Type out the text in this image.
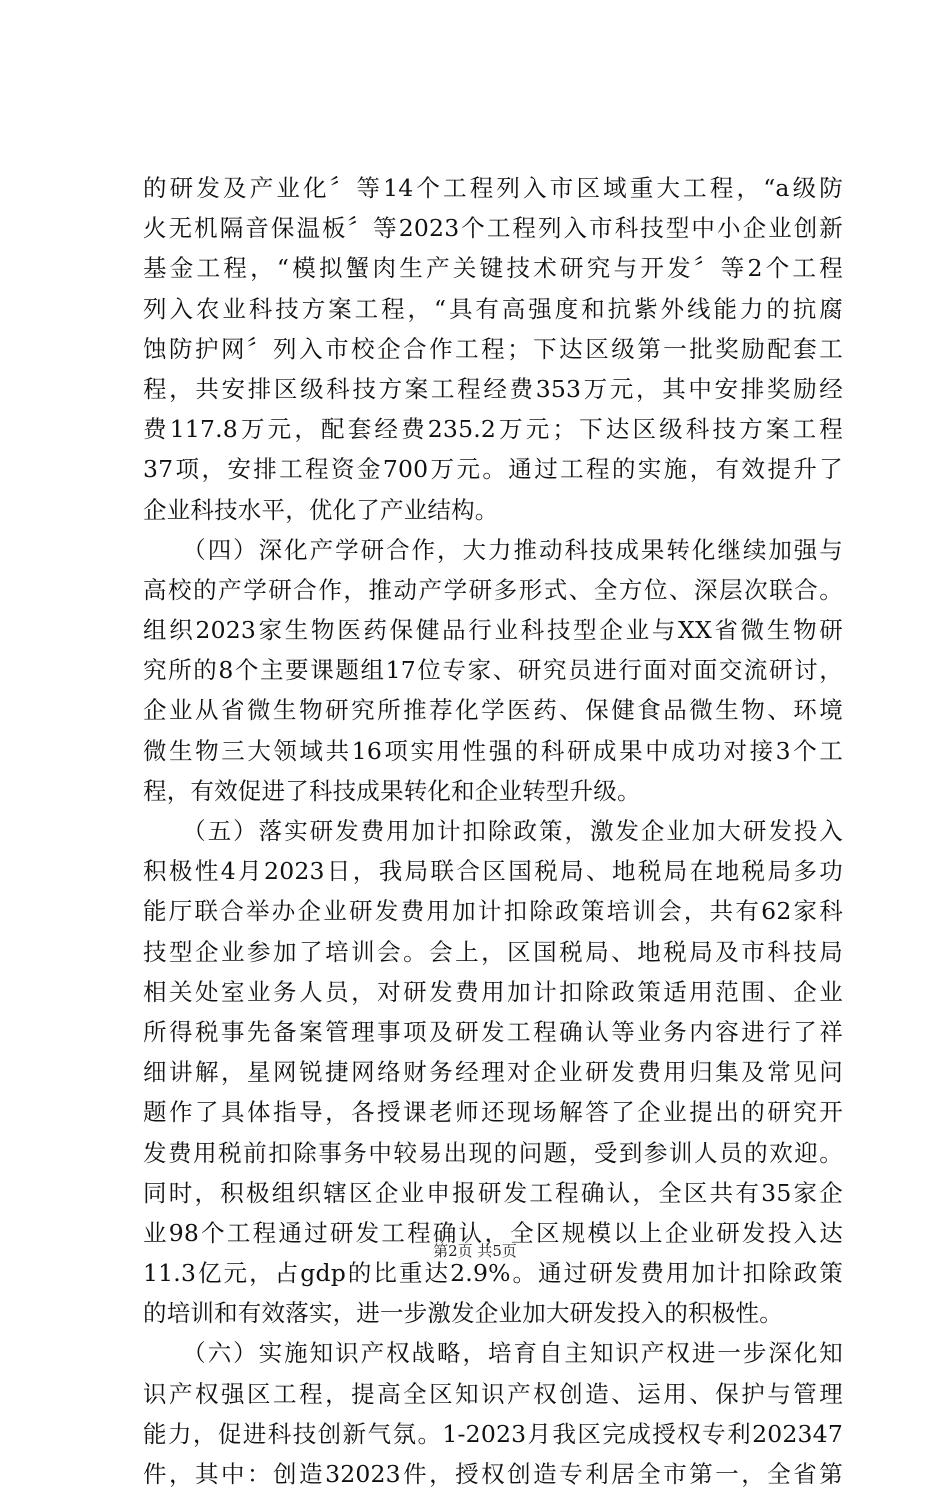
的研发及产业化〞等14个工程列入市区域重大工程，“a级防
火无机隔音保温板〞等2023个工程列入市科技型中小企业创新
基金工程，“模拟蟹肉生产关键技术研究与开发〞等2个工程
列入农业科技方案工程，“具有高强度和抗紫外线能力的抗腐
蚀防护网〞列入市校企合作工程；下达区级第一批奖励配套工
程，共安排区级科技方案工程经费353万元，其中安排奖励经
费117.8万元，配套经费235.2万元；下达区级科技方案工程
37项，安排工程资金700万元。通过工程的实施，有效提升了
企业科技水平，优化了产业结构。
　　（四）深化产学研合作，大力推动科技成果转化继续加强与
高校的产学研合作，推动产学研多形式、全方位、深层次联合。
组织2023家生物医药保健品行业科技型企业与XX省微生物研
究所的8个主要课题组17位专家、研究员进行面对面交流研讨，
企业从省微生物研究所推荐化学医药、保健食品微生物、环境
微生物三大领域共16项实用性强的科研成果中成功对接3个工
程，有效促进了科技成果转化和企业转型升级。
　　（五）落实研发费用加计扣除政策，激发企业加大研发投入
积极性4月2023日，我局联合区国税局、地税局在地税局多功
能厅联合举办企业研发费用加计扣除政策培训会，共有62家科
技型企业参加了培训会。会上，区国税局、地税局及市科技局
相关处室业务人员，对研发费用加计扣除政策适用范围、企业
所得税事先备案管理事项及研发工程确认等业务内容进行了祥
细讲解，星网锐捷网络财务经理对企业研发费用归集及常见问
题作了具体指导，各授课老师还现场解答了企业提出的研究开
发费用税前扣除事务中较易出现的问题，受到参训人员的欢迎。
同时，积极组织辖区企业申报研发工程确认，全区共有35家企
业98个工程通过研发工程确认，全区规模以上企业研发投入达
11.3亿元，占gdp的比重达2.9%。通过研发费用加计扣除政策
的培训和有效落实，进一步激发企业加大研发投入的积极性。
　　（六）实施知识产权战略，培育自主知识产权进一步深化知
识产权强区工程，提高全区知识产权创造、运用、保护与管理
能力，促进科技创新气氛。1-2023月我区完成授权专利202347
件，其中：创造32023件，授权创造专利居全市第一，全省第
第2页 共5页
